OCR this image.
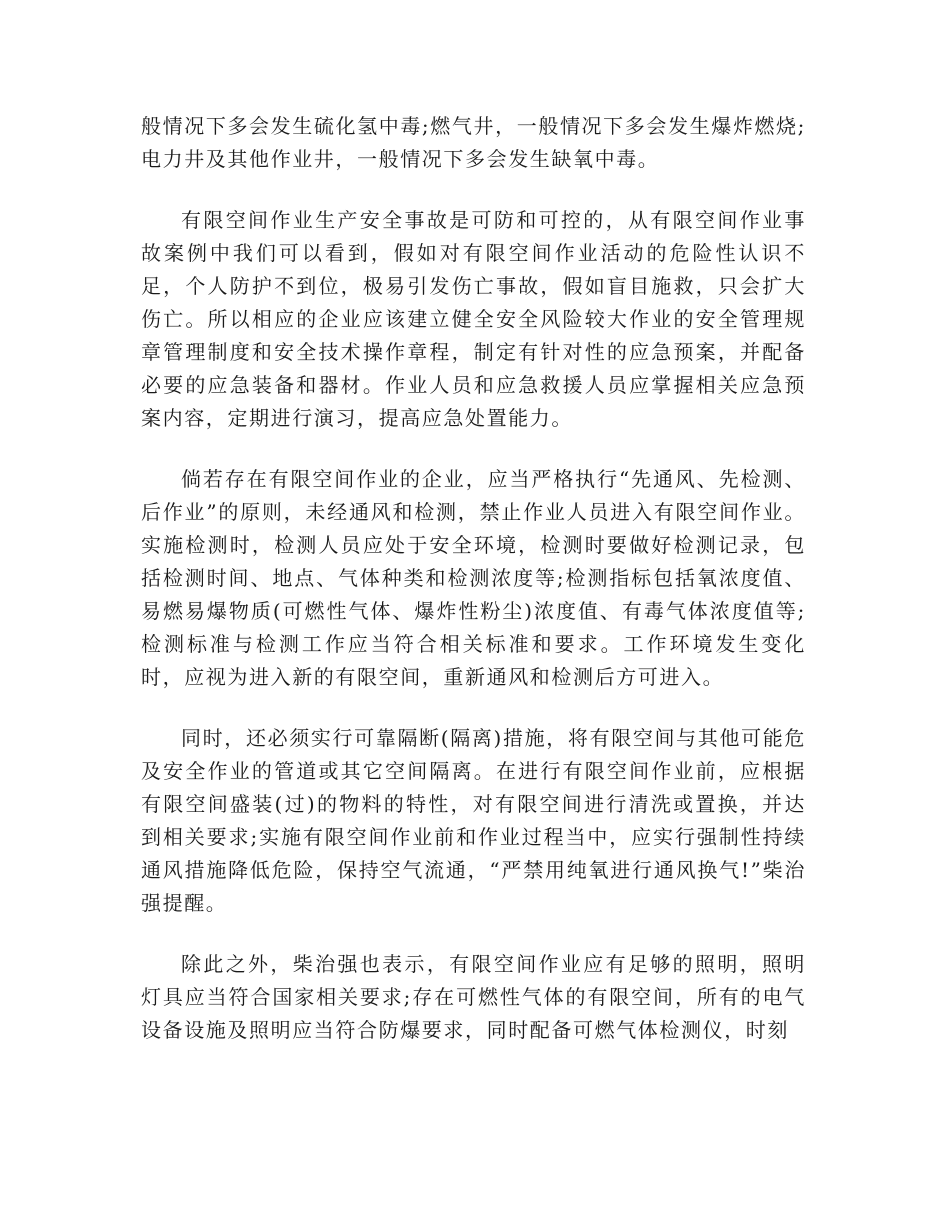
般情况下多会发生硫化氢中毒;燃气井，一般情况下多会发生爆炸燃烧;电力井及其他作业井，一般情况下多会发生缺氧中毒。

有限空间作业生产安全事故是可防和可控的，从有限空间作业事故案例中我们可以看到，假如对有限空间作业活动的危险性认识不足，个人防护不到位，极易引发伤亡事故，假如盲目施救，只会扩大伤亡。所以相应的企业应该建立健全安全风险较大作业的安全管理规章管理制度和安全技术操作章程，制定有针对性的应急预案，并配备必要的应急装备和器材。作业人员和应急救援人员应掌握相关应急预案内容，定期进行演习，提高应急处置能力。

倘若存在有限空间作业的企业，应当严格执行“先通风、先检测、后作业”的原则，未经通风和检测，禁止作业人员进入有限空间作业。实施检测时，检测人员应处于安全环境，检测时要做好检测记录，包括检测时间、地点、气体种类和检测浓度等;检测指标包括氧浓度值、易燃易爆物质(可燃性气体、爆炸性粉尘)浓度值、有毒气体浓度值等;检测标准与检测工作应当符合相关标准和要求。工作环境发生变化时，应视为进入新的有限空间，重新通风和检测后方可进入。

同时，还必须实行可靠隔断(隔离)措施，将有限空间与其他可能危及安全作业的管道或其它空间隔离。在进行有限空间作业前，应根据有限空间盛装(过)的物料的特性，对有限空间进行清洗或置换，并达到相关要求;实施有限空间作业前和作业过程当中，应实行强制性持续通风措施降低危险，保持空气流通，“严禁用纯氧进行通风换气!”柴治强提醒。

除此之外，柴治强也表示，有限空间作业应有足够的照明，照明灯具应当符合国家相关要求;存在可燃性气体的有限空间，所有的电气设备设施及照明应当符合防爆要求，同时配备可燃气体检测仪，时刻
